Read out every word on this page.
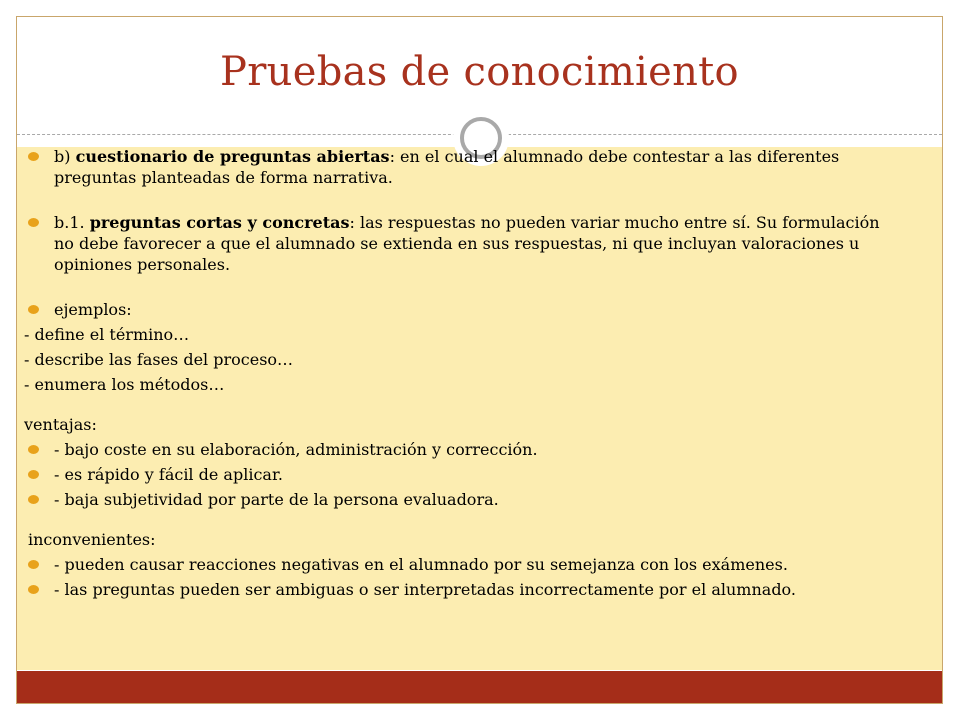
Pruebas de conocimiento

b) cuestionario de preguntas abiertas: en el cual el alumnado debe contestar a las diferentes preguntas planteadas de forma narrativa.

b.1. preguntas cortas y concretas: las respuestas no pueden variar mucho entre sí. Su formulación no debe favorecer a que el alumnado se extienda en sus respuestas, ni que incluyan valoraciones u opiniones personales.

ejemplos:

- define el término…

- describe las fases del proceso…

- enumera los métodos…

ventajas:

- bajo coste en su elaboración, administración y corrección.

- es rápido y fácil de aplicar.

- baja subjetividad por parte de la persona evaluadora.

inconvenientes:

- pueden causar reacciones negativas en el alumnado por su semejanza con los exámenes.

- las preguntas pueden ser ambiguas o ser interpretadas incorrectamente por el alumnado.
